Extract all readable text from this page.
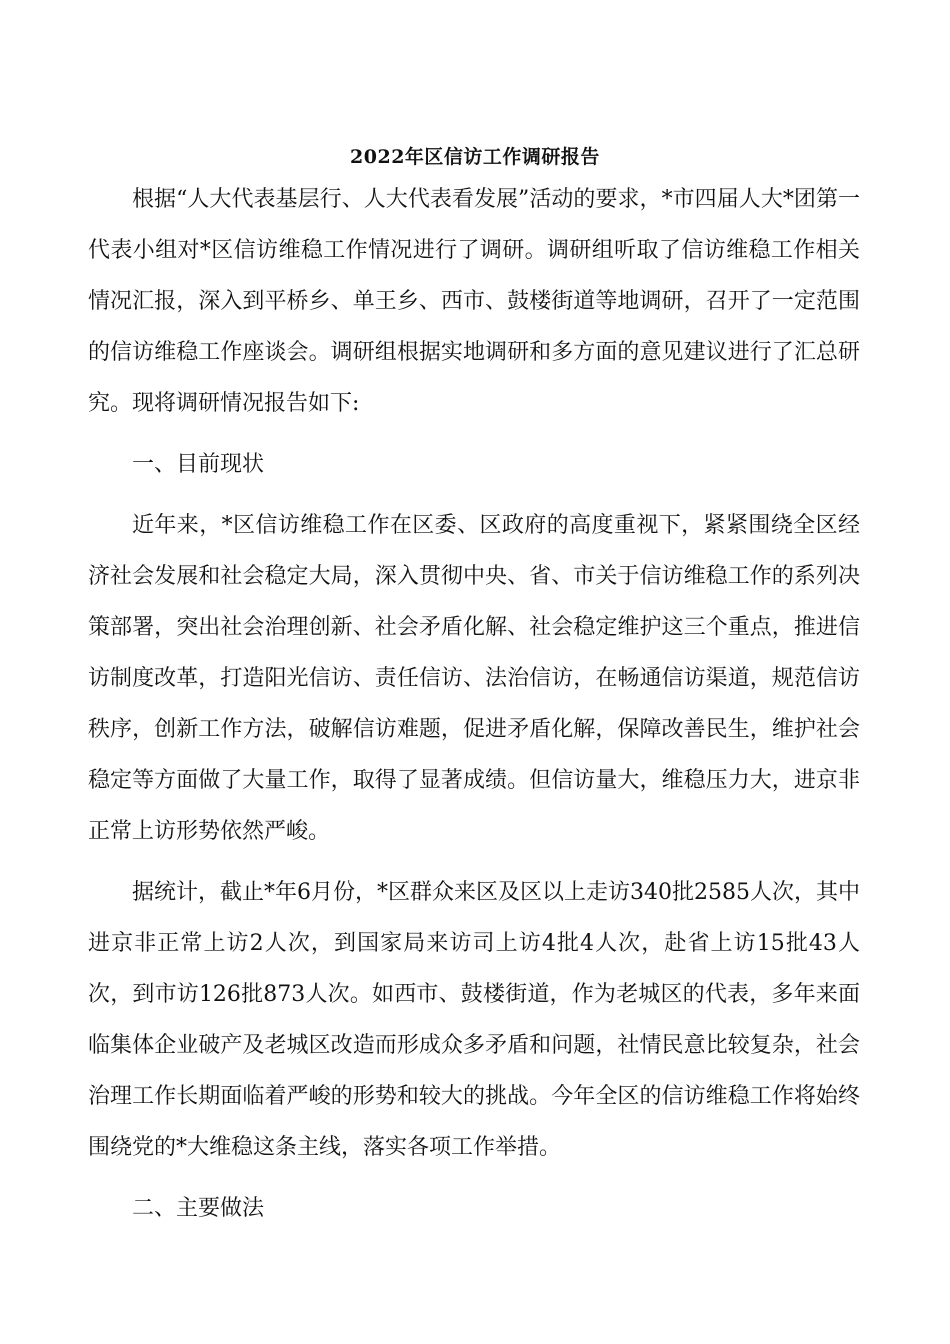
2022年区信访工作调研报告

根据“人大代表基层行、人大代表看发展”活动的要求，*市四届人大*团第一代表小组对*区信访维稳工作情况进行了调研。调研组听取了信访维稳工作相关情况汇报，深入到平桥乡、单王乡、西市、鼓楼街道等地调研，召开了一定范围的信访维稳工作座谈会。调研组根据实地调研和多方面的意见建议进行了汇总研究。现将调研情况报告如下:

一、目前现状

近年来，*区信访维稳工作在区委、区政府的高度重视下，紧紧围绕全区经济社会发展和社会稳定大局，深入贯彻中央、省、市关于信访维稳工作的系列决策部署，突出社会治理创新、社会矛盾化解、社会稳定维护这三个重点，推进信访制度改革，打造阳光信访、责任信访、法治信访，在畅通信访渠道，规范信访秩序，创新工作方法，破解信访难题，促进矛盾化解，保障改善民生，维护社会稳定等方面做了大量工作，取得了显著成绩。但信访量大，维稳压力大，进京非正常上访形势依然严峻。

据统计，截止*年6月份，*区群众来区及区以上走访340批2585人次，其中进京非正常上访2人次，到国家局来访司上访4批4人次，赴省上访15批43人次，到市访126批873人次。如西市、鼓楼街道，作为老城区的代表，多年来面临集体企业破产及老城区改造而形成众多矛盾和问题，社情民意比较复杂，社会治理工作长期面临着严峻的形势和较大的挑战。今年全区的信访维稳工作将始终围绕党的*大维稳这条主线，落实各项工作举措。

二、主要做法
